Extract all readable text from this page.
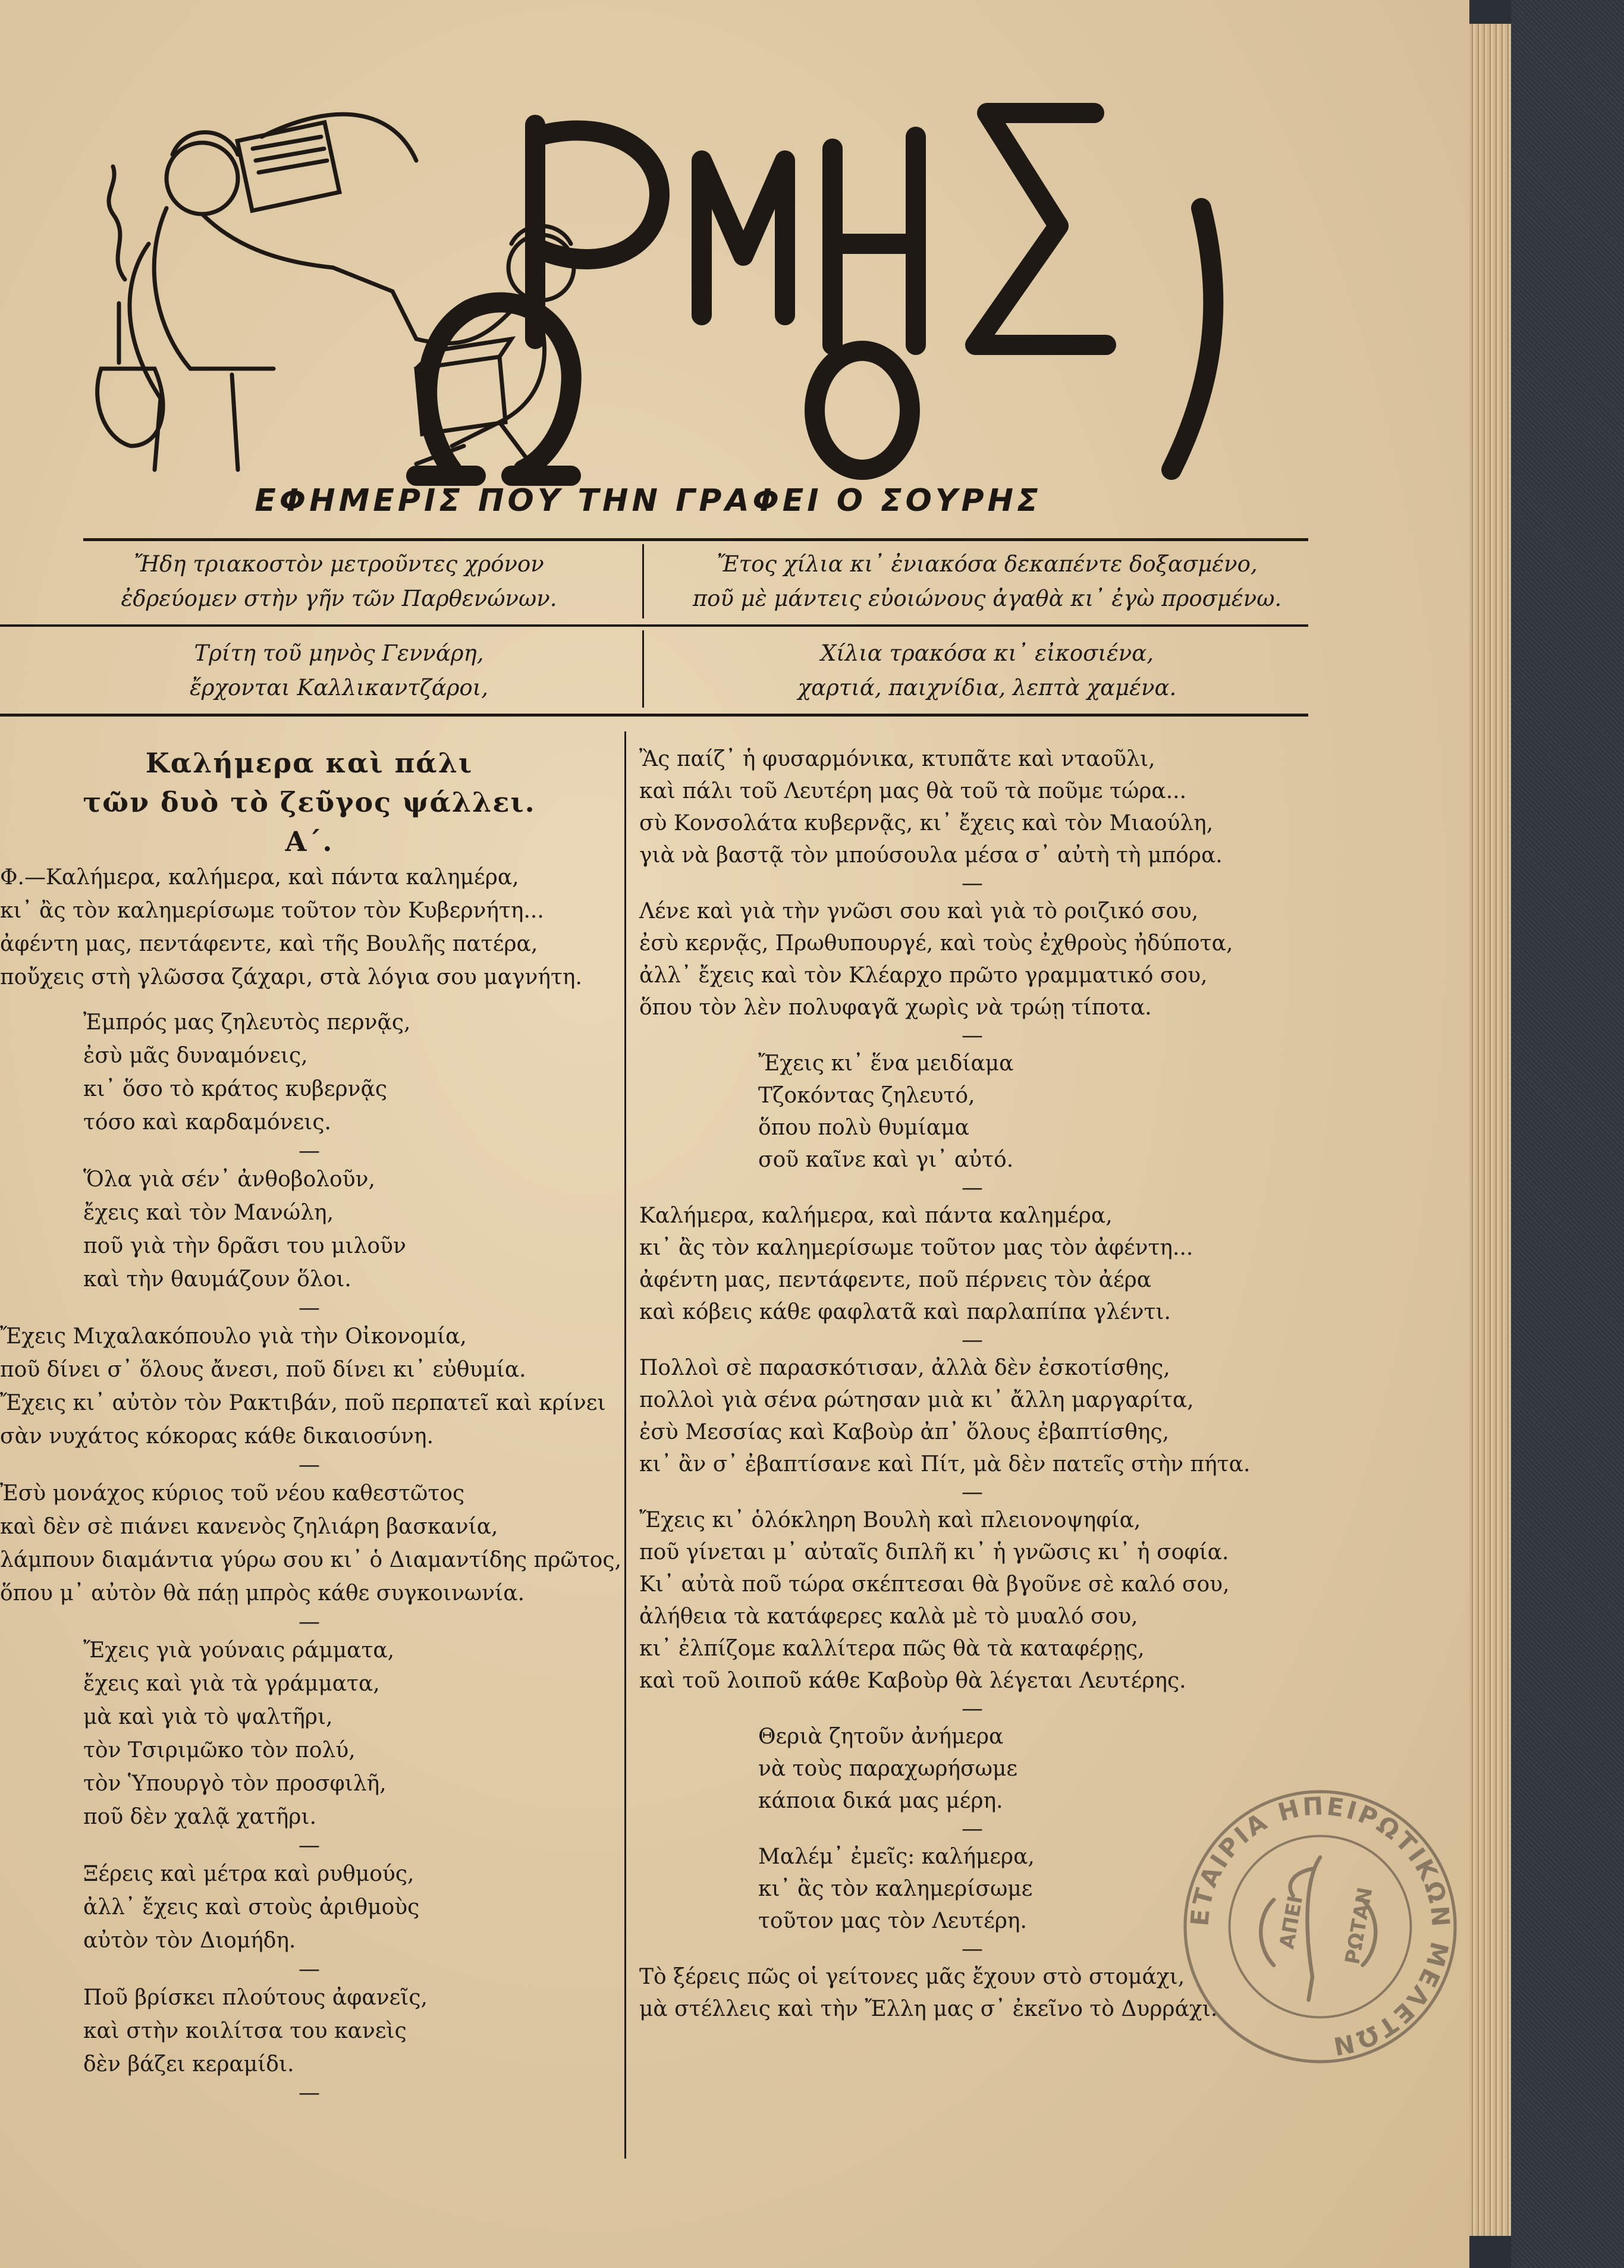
ΕΦΗΜΕΡΙΣ ΠΟΥ ΤΗΝ ΓΡΑΦΕΙ Ο ΣΟΥΡΗΣ
Ἤδη τριακοστὸν μετροῦντες χρόνον
ἐδρεύομεν στὴν γῆν τῶν Παρθενώνων.
Ἔτος χίλια κι᾽ ἐνιακόσα δεκαπέντε δοξασμένο,
ποῦ μὲ μάντεις εὐοιώνους ἀγαθὰ κι᾽ ἐγὼ προσμένω.
Τρίτη τοῦ μηνὸς Γεννάρη,
ἔρχονται Καλλικαντζάροι,
Χίλια τρακόσα κι᾽ εἰκοσιένα,
χαρτιά, παιχνίδια, λεπτὰ χαμένα.
Καλήμερα καὶ πάλι
τῶν δυὸ τὸ ζεῦγος ψάλλει.
Α΄.

Φ.—Καλήμερα, καλήμερα, καὶ πάντα καλημέρα,

κι᾽ ἂς τὸν καλημερίσωμε τοῦτον τὸν Κυβερνήτη...

ἀφέντη μας, πεντάφεντε, καὶ τῆς Βουλῆς πατέρα,

ποὔχεις στὴ γλῶσσα ζάχαρι, στὰ λόγια σου μαγνήτη.

Ἐμπρός μας ζηλευτὸς περνᾷς,

ἐσὺ μᾶς δυναμόνεις,

κι᾽ ὅσο τὸ κράτος κυβερνᾷς

τόσο καὶ καρδαμόνεις.

—

Ὅλα γιὰ σέν᾽ ἀνθοβολοῦν,

ἔχεις καὶ τὸν Μανώλη,

ποῦ γιὰ τὴν δρᾶσι του μιλοῦν

καὶ τὴν θαυμάζουν ὅλοι.

—

Ἔχεις Μιχαλακόπουλο γιὰ τὴν Οἰκονομία,

ποῦ δίνει σ᾽ ὅλους ἄνεσι, ποῦ δίνει κι᾽ εὐθυμία.

Ἔχεις κι᾽ αὐτὸν τὸν Ρακτιβάν, ποῦ περπατεῖ καὶ κρίνει

σὰν νυχάτος κόκορας κάθε δικαιοσύνη.

—

Ἐσὺ μονάχος κύριος τοῦ νέου καθεστῶτος

καὶ δὲν σὲ πιάνει κανενὸς ζηλιάρη βασκανία,

λάμπουν διαμάντια γύρω σου κι᾽ ὁ Διαμαντίδης πρῶτος,

ὅπου μ᾽ αὐτὸν θὰ πάῃ μπρὸς κάθε συγκοινωνία.

—

Ἔχεις γιὰ γούναις ράμματα,

ἔχεις καὶ γιὰ τὰ γράμματα,

μὰ καὶ γιὰ τὸ ψαλτῆρι,

τὸν Τσιριμῶκο τὸν πολύ,

τὸν Ὑπουργὸ τὸν προσφιλῆ,

ποῦ δὲν χαλᾷ χατῆρι.

—

Ξέρεις καὶ μέτρα καὶ ρυθμούς,

ἀλλ᾽ ἔχεις καὶ στοὺς ἀριθμοὺς

αὐτὸν τὸν Διομήδη.

—

Ποῦ βρίσκει πλούτους ἀφανεῖς,

καὶ στὴν κοιλίτσα του κανεὶς

δὲν βάζει κεραμίδι.

—

Ἂς παίζ᾽ ἡ φυσαρμόνικα, κτυπᾶτε καὶ νταοῦλι,

καὶ πάλι τοῦ Λευτέρη μας θὰ τοῦ τὰ ποῦμε τώρα...

σὺ Κονσολάτα κυβερνᾷς, κι᾽ ἔχεις καὶ τὸν Μιαούλη,

γιὰ νὰ βαστᾷ τὸν μπούσουλα μέσα σ᾽ αὐτὴ τὴ μπόρα.

—

Λένε καὶ γιὰ τὴν γνῶσι σου καὶ γιὰ τὸ ροιζικό σου,

ἐσὺ κερνᾷς, Πρωθυπουργέ, καὶ τοὺς ἐχθροὺς ἠδύποτα,

ἀλλ᾽ ἔχεις καὶ τὸν Κλέαρχο πρῶτο γραμματικό σου,

ὅπου τὸν λὲν πολυφαγᾶ χωρὶς νὰ τρώῃ τίποτα.

—

Ἔχεις κι᾽ ἕνα μειδίαμα

Τζοκόντας ζηλευτό,

ὅπου πολὺ θυμίαμα

σοῦ καῖνε καὶ γι᾽ αὐτό.

—

Καλήμερα, καλήμερα, καὶ πάντα καλημέρα,

κι᾽ ἂς τὸν καλημερίσωμε τοῦτον μας τὸν ἀφέντη...

ἀφέντη μας, πεντάφεντε, ποῦ πέρνεις τὸν ἀέρα

καὶ κόβεις κάθε φαφλατᾶ καὶ παρλαπίπα γλέντι.

—

Πολλοὶ σὲ παρασκότισαν, ἀλλὰ δὲν ἐσκοτίσθης,

πολλοὶ γιὰ σένα ρώτησαν μιὰ κι᾽ ἄλλη μαργαρίτα,

ἐσὺ Μεσσίας καὶ Καβοὺρ ἀπ᾽ ὅλους ἐβαπτίσθης,

κι᾽ ἂν σ᾽ ἐβαπτίσανε καὶ Πίτ, μὰ δὲν πατεῖς στὴν πήτα.

—

Ἔχεις κι᾽ ὁλόκληρη Βουλὴ καὶ πλειονοψηφία,

ποῦ γίνεται μ᾽ αὐταῖς διπλῆ κι᾽ ἡ γνῶσις κι᾽ ἡ σοφία.

Κι᾽ αὐτὰ ποῦ τώρα σκέπτεσαι θὰ βγοῦνε σὲ καλό σου,

ἀλήθεια τὰ κατάφερες καλὰ μὲ τὸ μυαλό σου,

κι᾽ ἐλπίζομε καλλίτερα πῶς θὰ τὰ καταφέρῃς,

καὶ τοῦ λοιποῦ κάθε Καβοὺρ θὰ λέγεται Λευτέρης.

—

Θεριὰ ζητοῦν ἀνήμερα

νὰ τοὺς παραχωρήσωμε

κάποια δικά μας μέρη.

—

Μαλέμ᾽ ἐμεῖς: καλήμερα,

κι᾽ ἂς τὸν καλημερίσωμε

τοῦτον μας τὸν Λευτέρη.

—

Τὸ ξέρεις πῶς οἱ γείτονες μᾶς ἔχουν στὸ στομάχι,

μὰ στέλλεις καὶ τὴν Ἔλλη μας σ᾽ ἐκεῖνο τὸ Δυρράχι.

ΕΤΑΙΡΙΑ ΗΠΕΙΡΩΤΙΚΩΝ ΜΕΛΕΤΩΝ
ΑΠΕΙ ΡΩΤΑΝ
